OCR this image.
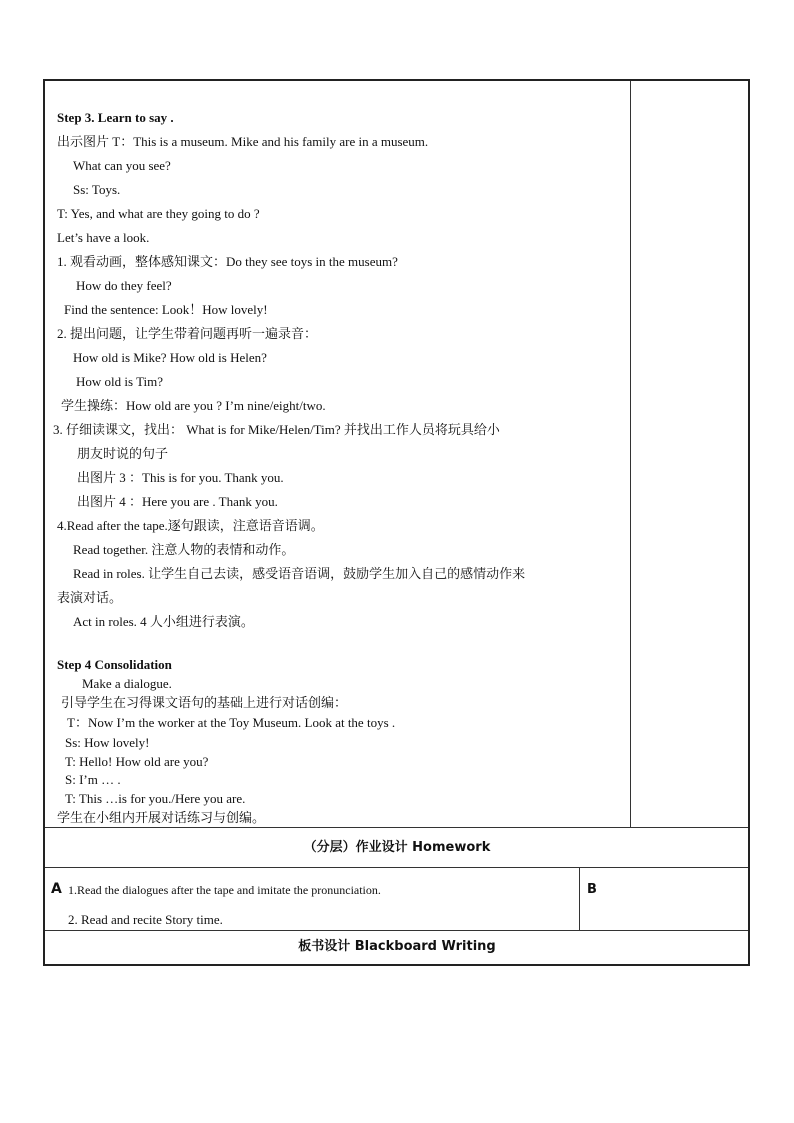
Step 3. Learn to say .
出示图片 T：This is a museum. Mike and his family are in a museum.
What can you see?
Ss: Toys.
T: Yes, and what are they going to do ?
Let’s have a look.
1. 观看动画，整体感知课文：Do they see toys in the museum?
How do they feel?
Find the sentence: Look！How lovely!
2. 提出问题，让学生带着问题再听一遍录音：
How old is Mike? How old is Helen?
How old is Tim?
学生操练：How old are you ? I’m nine/eight/two.
3. 仔细读课文，找出： What is for Mike/Helen/Tim? 并找出工作人员将玩具给小
朋友时说的句子
出图片 3 ：This is for you. Thank you.
出图片 4 ：Here you are . Thank you.
4.Read after the tape.逐句跟读，注意语音语调。
Read together. 注意人物的表情和动作。
Read in roles. 让学生自己去读，感受语音语调，鼓励学生加入自己的感情动作来
表演对话。
Act in roles. 4 人小组进行表演。
Step 4 Consolidation
Make a dialogue.
引导学生在习得课文语句的基础上进行对话创编：
T：Now I’m the worker at the Toy Museum. Look at the toys .
Ss: How lovely!
T: Hello! How old are you?
S: I’m … .
T: This …is for you./Here you are.
学生在小组内开展对话练习与创编。
（分层）作业设计 Homework
A 1.Read the dialogues after the tape and imitate the pronunciation.
2. Read and recite Story time.
B
板书设计 Blackboard Writing
